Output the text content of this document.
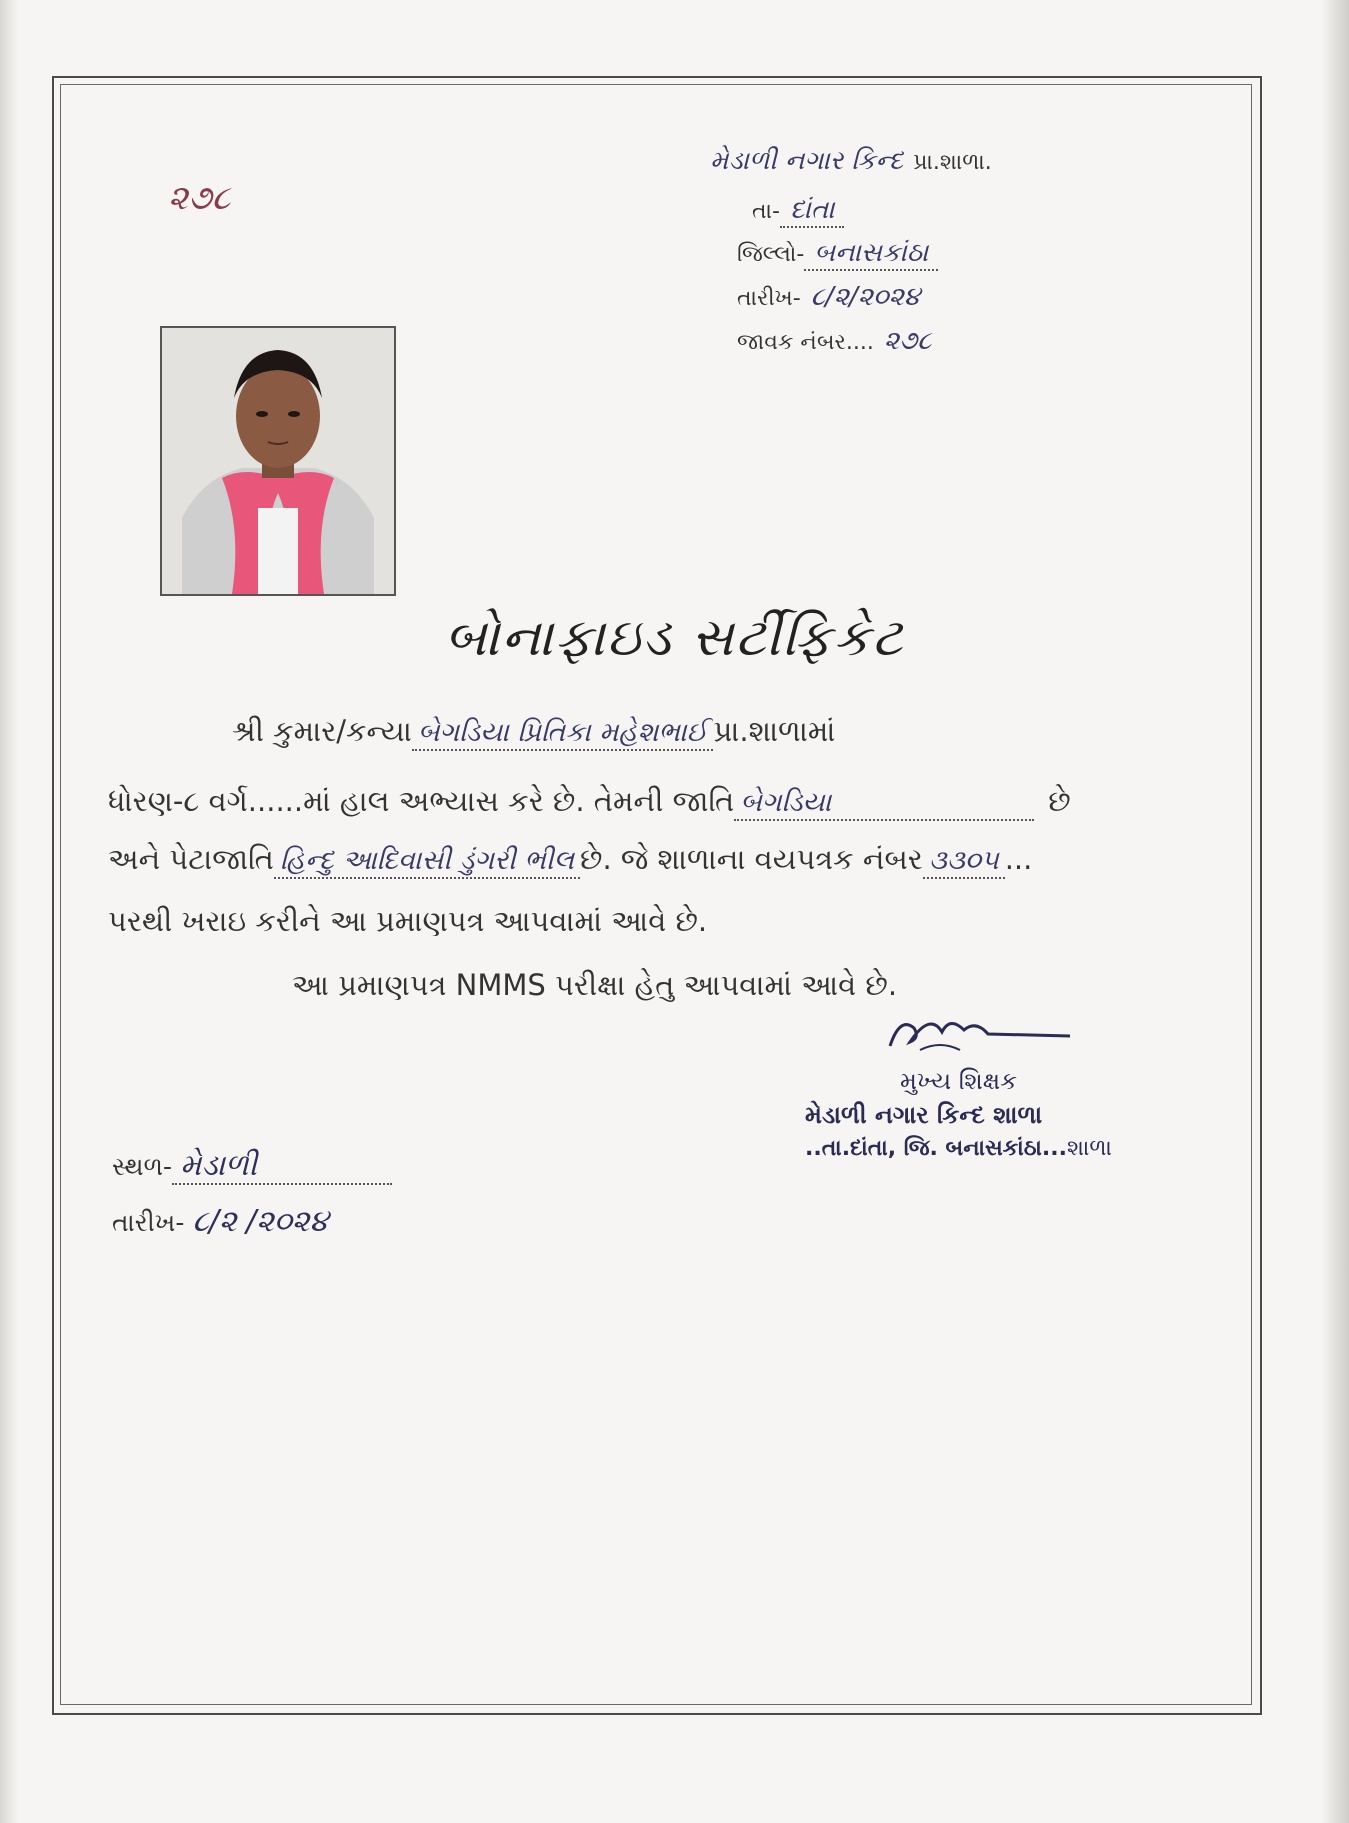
૨૭૮
મેડાળી નગાર કિન્દ પ્રા.શાળા.
તા- દાંતા
જિલ્લો- બનાસકાંઠા
તારીખ- ૮/૨/૨૦૨૪
જાવક નંબર.... ૨૭૮
બોનાફાઇડ સર્ટીફિકેટ
શ્રી કુમાર/કન્યા બેગડિયા પ્રિતિકા મહેશભાઈ પ્રા.શાળામાં
ધોરણ-૮ વર્ગ......માં હાલ અભ્યાસ કરે છે. તેમની જાતિ બેગડિયા	છે
અને પેટાજાતિ હિન્દુ આદિવાસી ડુંગરી ભીલ છે. જે શાળાના વયપત્રક નંબર ૩૩૦૫ ...
પરથી ખરાઇ કરીને આ પ્રમાણપત્ર આપવામાં આવે છે.
આ પ્રમાણપત્ર NMMS પરીક્ષા હેતુ આપવામાં આવે છે.
મુખ્ય શિક્ષક
મેડાળી નગાર કિન્દ શાળા
..તા.દાંતા, જિ. બનાસકાંઠા...શાળા
સ્થળ- મેડાળી
તારીખ- ૮/૨ /૨૦૨૪
